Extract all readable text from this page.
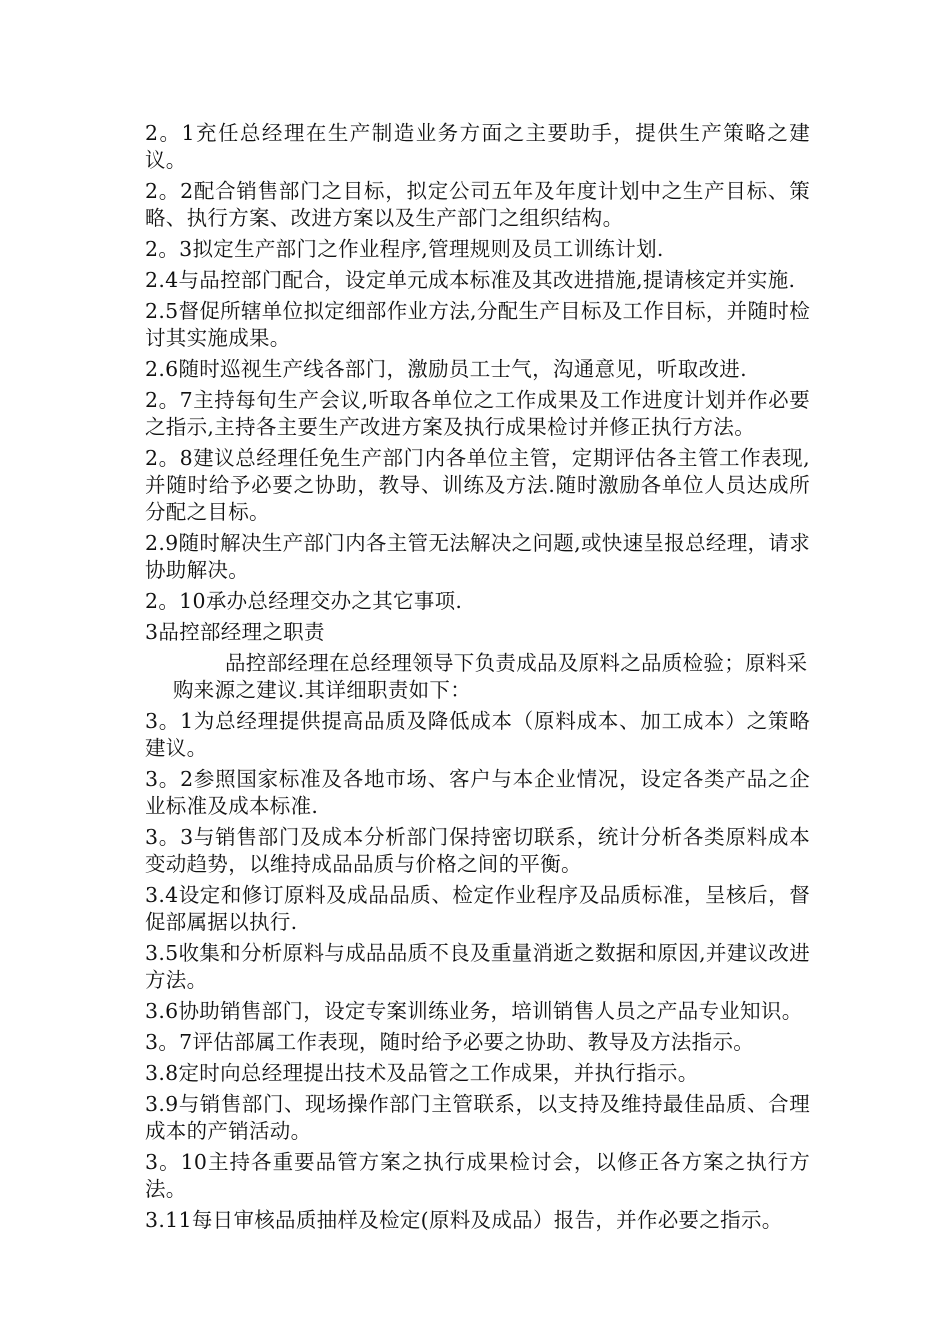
2。1充任总经理在生产制造业务方面之主要助手，提供生产策略之建议。

2。2配合销售部门之目标，拟定公司五年及年度计划中之生产目标、策略、执行方案、改进方案以及生产部门之组织结构。

2。3拟定生产部门之作业程序,管理规则及员工训练计划.

2.4与品控部门配合，设定单元成本标准及其改进措施,提请核定并实施.

2.5督促所辖单位拟定细部作业方法,分配生产目标及工作目标，并随时检讨其实施成果。

2.6随时巡视生产线各部门，激励员工士气，沟通意见，听取改进.

2。7主持每旬生产会议,听取各单位之工作成果及工作进度计划并作必要之指示,主持各主要生产改进方案及执行成果检讨并修正执行方法。

2。8建议总经理任免生产部门内各单位主管，定期评估各主管工作表现,并随时给予必要之协助，教导、训练及方法.随时激励各单位人员达成所分配之目标。

2.9随时解决生产部门内各主管无法解决之问题,或快速呈报总经理，请求协助解决。

2。10承办总经理交办之其它事项.

3品控部经理之职责

品控部经理在总经理领导下负责成品及原料之品质检验；原料采购来源之建议.其详细职责如下：

3。1为总经理提供提高品质及降低成本（原料成本、加工成本）之策略建议。

3。2参照国家标准及各地市场、客户与本企业情况，设定各类产品之企业标准及成本标准.

3。3与销售部门及成本分析部门保持密切联系，统计分析各类原料成本变动趋势，以维持成品品质与价格之间的平衡。

3.4设定和修订原料及成品品质、检定作业程序及品质标准，呈核后，督促部属据以执行.

3.5收集和分析原料与成品品质不良及重量消逝之数据和原因,并建议改进方法。

3.6协助销售部门，设定专案训练业务，培训销售人员之产品专业知识。

3。7评估部属工作表现，随时给予必要之协助、教导及方法指示。

3.8定时向总经理提出技术及品管之工作成果，并执行指示。

3.9与销售部门、现场操作部门主管联系，以支持及维持最佳品质、合理成本的产销活动。

3。10主持各重要品管方案之执行成果检讨会，以修正各方案之执行方法。

3.11每日审核品质抽样及检定(原料及成品）报告，并作必要之指示。
